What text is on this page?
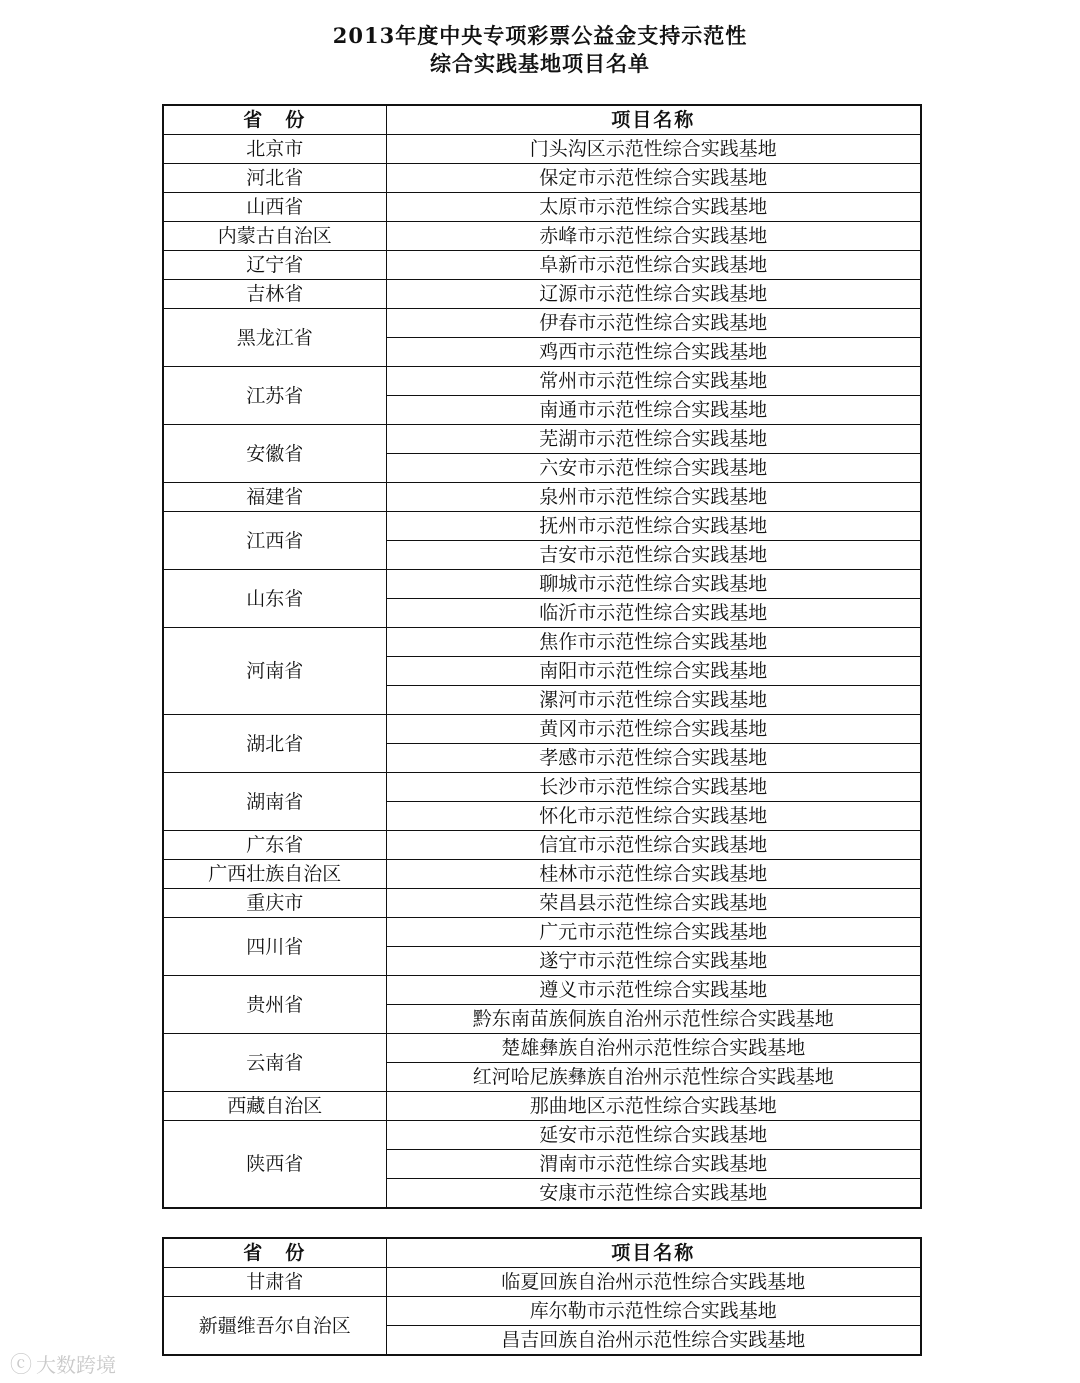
2013年度中央专项彩票公益金支持示范性
综合实践基地项目名单
省　份	项目名称
北京市	门头沟区示范性综合实践基地
河北省	保定市示范性综合实践基地
山西省	太原市示范性综合实践基地
内蒙古自治区	赤峰市示范性综合实践基地
辽宁省	阜新市示范性综合实践基地
吉林省	辽源市示范性综合实践基地
黑龙江省	伊春市示范性综合实践基地
	鸡西市示范性综合实践基地
江苏省	常州市示范性综合实践基地
	南通市示范性综合实践基地
安徽省	芜湖市示范性综合实践基地
	六安市示范性综合实践基地
福建省	泉州市示范性综合实践基地
江西省	抚州市示范性综合实践基地
	吉安市示范性综合实践基地
山东省	聊城市示范性综合实践基地
	临沂市示范性综合实践基地
河南省	焦作市示范性综合实践基地
	南阳市示范性综合实践基地
	漯河市示范性综合实践基地
湖北省	黄冈市示范性综合实践基地
	孝感市示范性综合实践基地
湖南省	长沙市示范性综合实践基地
	怀化市示范性综合实践基地
广东省	信宜市示范性综合实践基地
广西壮族自治区	桂林市示范性综合实践基地
重庆市	荣昌县示范性综合实践基地
四川省	广元市示范性综合实践基地
	遂宁市示范性综合实践基地
贵州省	遵义市示范性综合实践基地
	黔东南苗族侗族自治州示范性综合实践基地
云南省	楚雄彝族自治州示范性综合实践基地
	红河哈尼族彝族自治州示范性综合实践基地
西藏自治区	那曲地区示范性综合实践基地
陕西省	延安市示范性综合实践基地
	渭南市示范性综合实践基地
	安康市示范性综合实践基地
省　份	项目名称
甘肃省	临夏回族自治州示范性综合实践基地
新疆维吾尔自治区	库尔勒市示范性综合实践基地
	昌吉回族自治州示范性综合实践基地
ⓒ 大数跨境
